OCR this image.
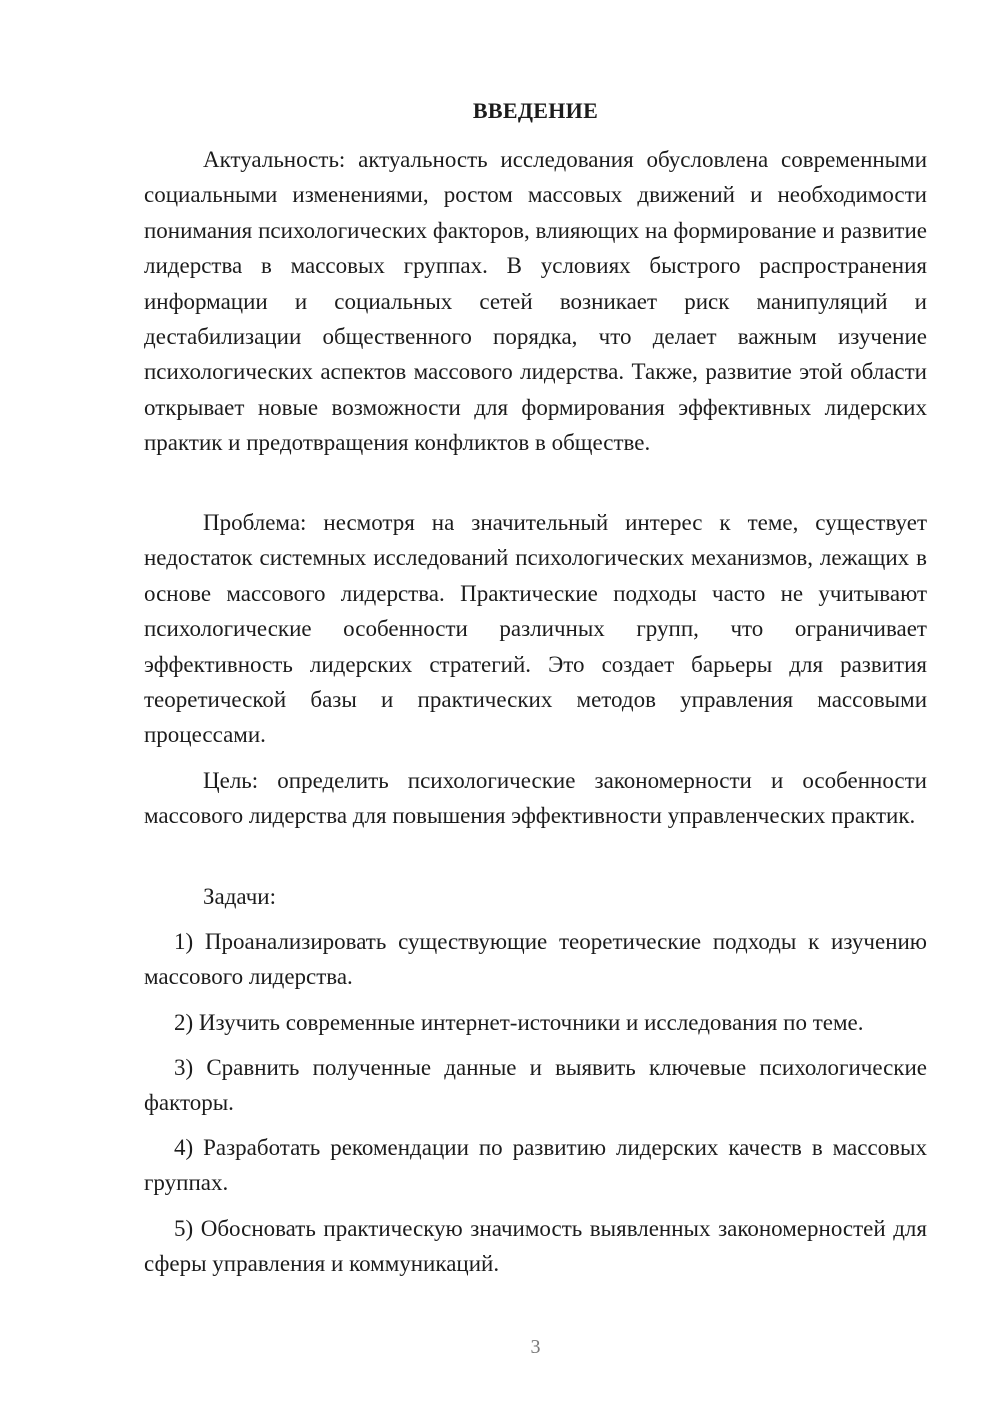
ВВЕДЕНИЕ

Актуальность: актуальность исследования обусловлена современными социальными изменениями, ростом массовых движений и необходимости понимания психологических факторов, влияющих на формирование и развитие лидерства в массовых группах. В условиях быстрого распространения информации и социальных сетей возникает риск манипуляций и дестабилизации общественного порядка, что делает важным изучение психологических аспектов массового лидерства. Также, развитие этой области открывает новые возможности для формирования эффективных лидерских практик и предотвращения конфликтов в обществе.

Проблема: несмотря на значительный интерес к теме, существует недостаток системных исследований психологических механизмов, лежащих в основе массового лидерства. Практические подходы часто не учитывают психологические особенности различных групп, что ограничивает эффективность лидерских стратегий. Это создает барьеры для развития теоретической базы и практических методов управления массовыми процессами.

Цель: определить психологические закономерности и особенности массового лидерства для повышения эффективности управленческих практик.

Задачи:

1) Проанализировать существующие теоретические подходы к изучению массового лидерства.

2) Изучить современные интернет-источники и исследования по теме.

3) Сравнить полученные данные и выявить ключевые психологические факторы.

4) Разработать рекомендации по развитию лидерских качеств в массовых группах.

5) Обосновать практическую значимость выявленных закономерностей для сферы управления и коммуникаций.

3
